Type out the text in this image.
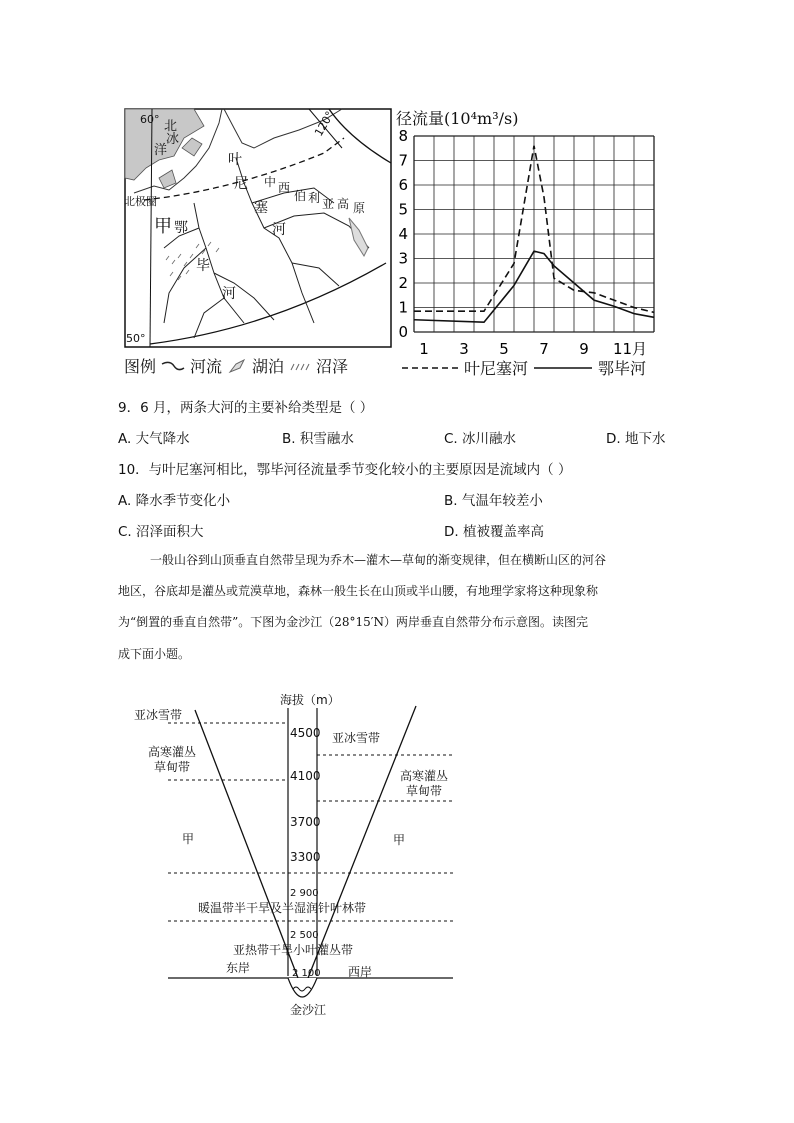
北
冰
洋
60°	120°
北极圈
50°
甲
叶
尼
塞
河
鄂
毕
河
中 西
伯 利 亚 高 原
图例 河流 湖泊 沼泽
径流量(10⁴m³/s)
0
1
2
3
4
5
6
7
8
1 3 5 7 9 11月
叶尼塞河	鄂毕河
9．6 月，两条大河的主要补给类型是（ ）
A. 大气降水	B. 积雪融水	C. 冰川融水	D. 地下水
10．与叶尼塞河相比，鄂毕河径流量季节变化较小的主要原因是流域内（ ）
A. 降水季节变化小	B. 气温年较差小
C. 沼泽面积大	D. 植被覆盖率高
一般山谷到山顶垂直自然带呈现为乔木—灌木—草甸的渐变规律，但在横断山区的河谷
地区，谷底却是灌丛或荒漠草地，森林一般生长在山顶或半山腰，有地理学家将这种现象称
为“倒置的垂直自然带”。下图为金沙江（28°15′N）两岸垂直自然带分布示意图。读图完
成下面小题。
海拔（m）
4500
4100
3700
3300
2 900
2 500
2 100
亚冰雪带
高寒灌丛
草甸带
甲
亚冰雪带
高寒灌丛
草甸带
甲
暖温带半干旱及半湿润针叶林带
亚热带干旱小叶灌丛带
东岸	西岸
金沙江
